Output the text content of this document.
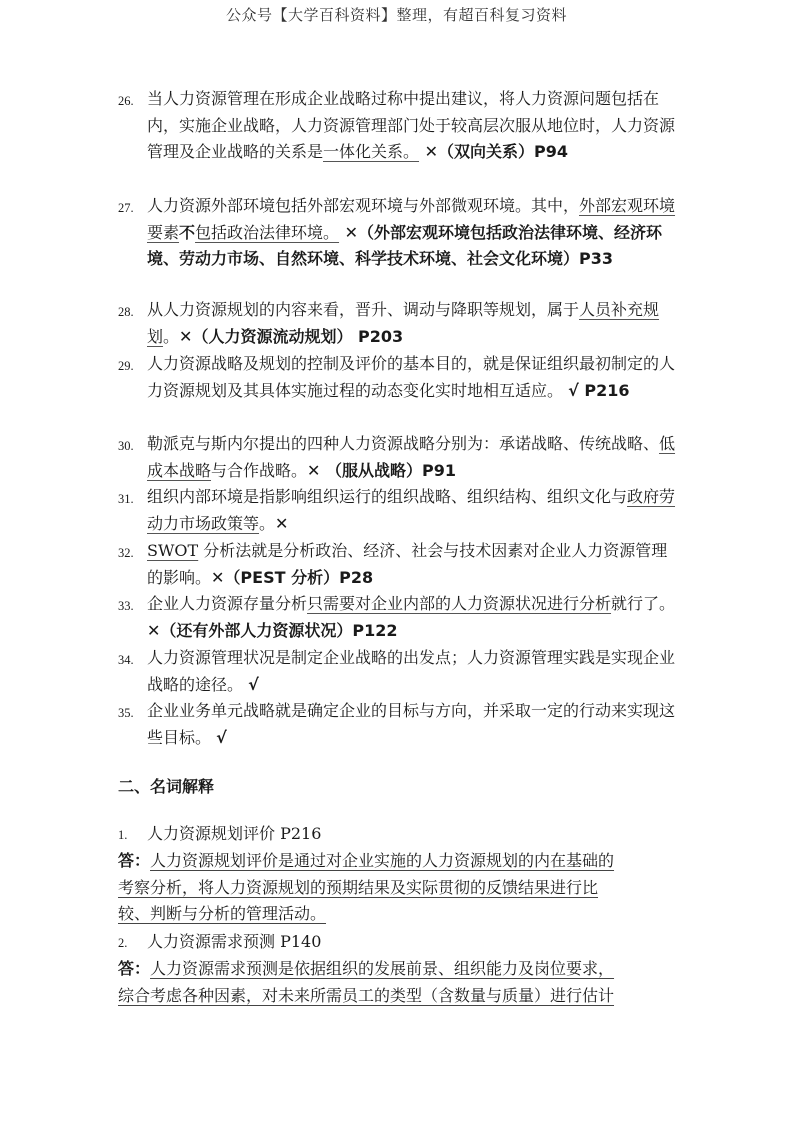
公众号【大学百科资料】整理，有超百科复习资料
26. 当人力资源管理在形成企业战略过称中提出建议，将人力资源问题包括在内，实施企业战略，人力资源管理部门处于较高层次服从地位时，人力资源管理及企业战略的关系是一体化关系。 ✕（双向关系）P94
27. 人力资源外部环境包括外部宏观环境与外部微观环境。其中，外部宏观环境要素不包括政治法律环境。 ✕（外部宏观环境包括政治法律环境、经济环境、劳动力市场、自然环境、科学技术环境、社会文化环境）P33
28. 从人力资源规划的内容来看，晋升、调动与降职等规划，属于人员补充规划。✕（人力资源流动规划） P203
29. 人力资源战略及规划的控制及评价的基本目的，就是保证组织最初制定的人力资源规划及其具体实施过程的动态变化实时地相互适应。 √ P216
30. 勒派克与斯内尔提出的四种人力资源战略分别为：承诺战略、传统战略、低成本战略与合作战略。✕ （服从战略）P91
31. 组织内部环境是指影响组织运行的组织战略、组织结构、组织文化与政府劳动力市场政策等。✕
32. SWOT 分析法就是分析政治、经济、社会与技术因素对企业人力资源管理的影响。✕（PEST 分析）P28
33. 企业人力资源存量分析只需要对企业内部的人力资源状况进行分析就行了。✕（还有外部人力资源状况）P122
34. 人力资源管理状况是制定企业战略的出发点；人力资源管理实践是实现企业战略的途径。 √
35. 企业业务单元战略就是确定企业的目标与方向，并采取一定的行动来实现这些目标。 √
二、名词解释
1. 人力资源规划评价 P216
答：人力资源规划评价是通过对企业实施的人力资源规划的内在基础的
考察分析，将人力资源规划的预期结果及实际贯彻的反馈结果进行比
较、判断与分析的管理活动。
2. 人力资源需求预测 P140
答：人力资源需求预测是依据组织的发展前景、组织能力及岗位要求，
综合考虑各种因素，对未来所需员工的类型（含数量与质量）进行估计
